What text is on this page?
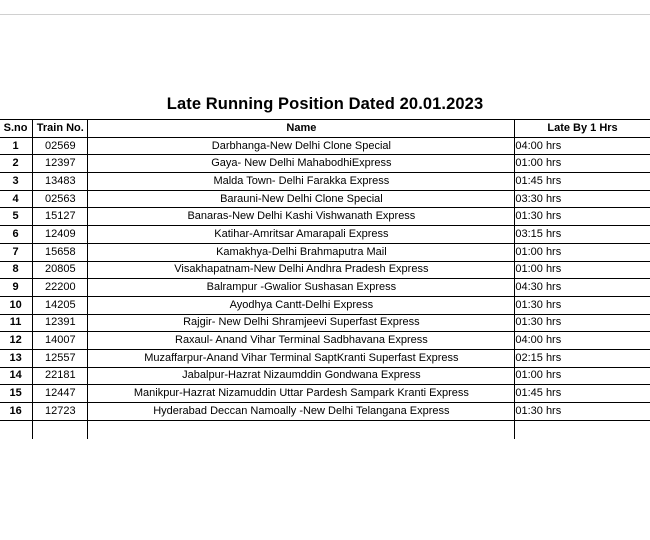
Late Running Position Dated 20.01.2023
S.no	Train No.	Name	Late By 1 Hrs
1	02569	Darbhanga-New Delhi Clone Special	04:00 hrs
2	12397	Gaya- New Delhi MahabodhiExpress	01:00 hrs
3	13483	Malda Town- Delhi Farakka Express	01:45 hrs
4	02563	Barauni-New Delhi Clone Special	03:30 hrs
5	15127	Banaras-New Delhi Kashi Vishwanath Express	01:30 hrs
6	12409	Katihar-Amritsar Amarapali Express	03:15 hrs
7	15658	Kamakhya-Delhi Brahmaputra Mail	01:00 hrs
8	20805	Visakhapatnam-New Delhi Andhra Pradesh Express	01:00 hrs
9	22200	Balrampur -Gwalior Sushasan Express	04:30 hrs
10	14205	Ayodhya Cantt-Delhi Express	01:30 hrs
11	12391	Rajgir- New Delhi Shramjeevi Superfast Express	01:30 hrs
12	14007	Raxaul- Anand Vihar Terminal Sadbhavana Express	04:00 hrs
13	12557	Muzaffarpur-Anand Vihar Terminal SaptKranti Superfast Express	02:15 hrs
14	22181	Jabalpur-Hazrat Nizaumddin Gondwana Express	01:00 hrs
15	12447	Manikpur-Hazrat Nizamuddin Uttar Pardesh Sampark Kranti Express	01:45 hrs
16	12723	Hyderabad Deccan Namoally -New Delhi Telangana Express	01:30 hrs
